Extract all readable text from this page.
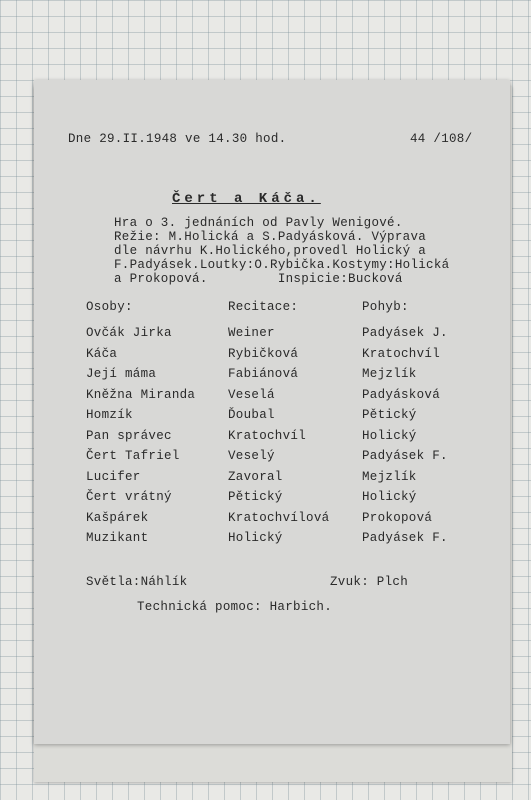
Dne 29.II.1948 ve 14.30 hod.	44 /108/
Čert a Káča.
Hra o 3. jednáních od Pavly Wenigové.
Režie: M.Holická a S.Padyásková. Výprava
dle návrhu K.Holického,provedl Holický a
F.Padyásek.Loutky:O.Rybička.Kostymy:Holická
a Prokopová.         Inspicie:Bucková
Osoby:	Recitace:	Pohyb:
Ovčák Jirka	Weiner	Padyásek J.
Káča	Rybičková	Kratochvíl
Její máma	Fabiánová	Mejzlík
Kněžna Miranda	Veselá	Padyásková
Homzík	Ďoubal	Pětický
Pan správec	Kratochvíl	Holický
Čert Tafriel	Veselý	Padyásek F.
Lucifer	Zavoral	Mejzlík
Čert vrátný	Pětický	Holický
Kašpárek	Kratochvílová	Prokopová
Muzikant	Holický	Padyásek F.
Světla:Náhlík	Zvuk: Plch
Technická pomoc: Harbich.
